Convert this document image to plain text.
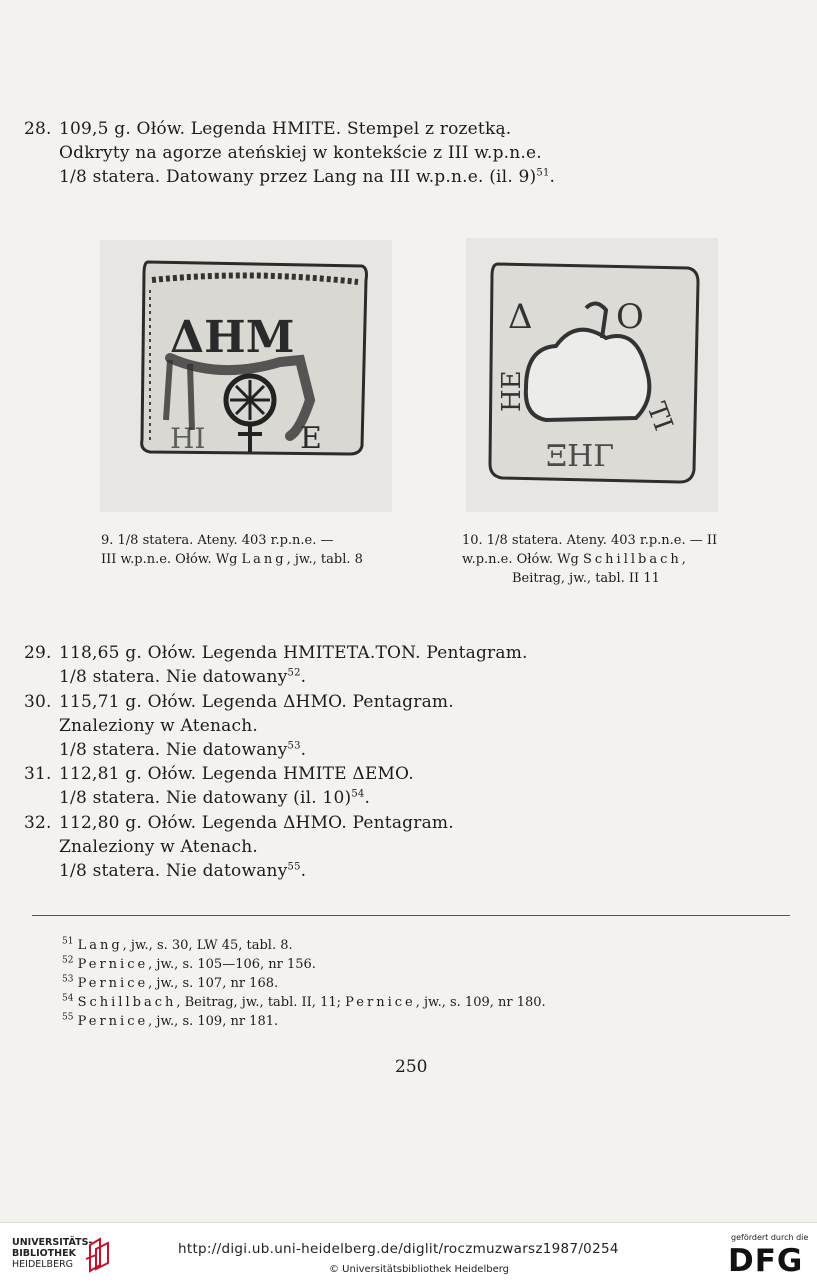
28. 109,5 g. Ołów. Legenda HMITE. Stempel z rozetką.
Odkryty na agorze ateńskiej w kontekście z III w.p.n.e.
1/8 statera. Datowany przez Lang na III w.p.n.e. (il. 9)$^{51}$.
ΔHM
E
HI
9. 1/8 statera. Ateny. 403 r.p.n.e. —
III w.p.n.e. Ołów. Wg Lang, jw., tabl. 8
Δ O
HE
TI
ΞΗΓ
10. 1/8 statera. Ateny. 403 r.p.n.e. — II
w.p.n.e. Ołów. Wg Schillbach,
Beitrag, jw., tabl. II 11
29. 118,65 g. Ołów. Legenda HMITETA.TON. Pentagram.
1/8 statera. Nie datowany$^{52}$.
30. 115,71 g. Ołów. Legenda ΔHMO. Pentagram.
Znaleziony w Atenach.
1/8 statera. Nie datowany$^{53}$.
31. 112,81 g. Ołów. Legenda HMITE ΔEMO.
1/8 statera. Nie datowany (il. 10)$^{54}$.
32. 112,80 g. Ołów. Legenda ΔHMO. Pentagram.
Znaleziony w Atenach.
1/8 statera. Nie datowany$^{55}$.
$^{51}$ Lang, jw., s. 30, LW 45, tabl. 8.
$^{52}$ Pernice, jw., s. 105—106, nr 156.
$^{53}$ Pernice, jw., s. 107, nr 168.
$^{54}$ Schillbach, Beitrag, jw., tabl. II, 11; Pernice, jw., s. 109, nr 180.
$^{55}$ Pernice, jw., s. 109, nr 181.
250
UNIVERSITÄTS-
BIBLIOTHEK
HEIDELBERG
http://digi.ub.uni-heidelberg.de/diglit/roczmuzwarsz1987/0254
© Universitätsbibliothek Heidelberg
gefördert durch die
DFG
